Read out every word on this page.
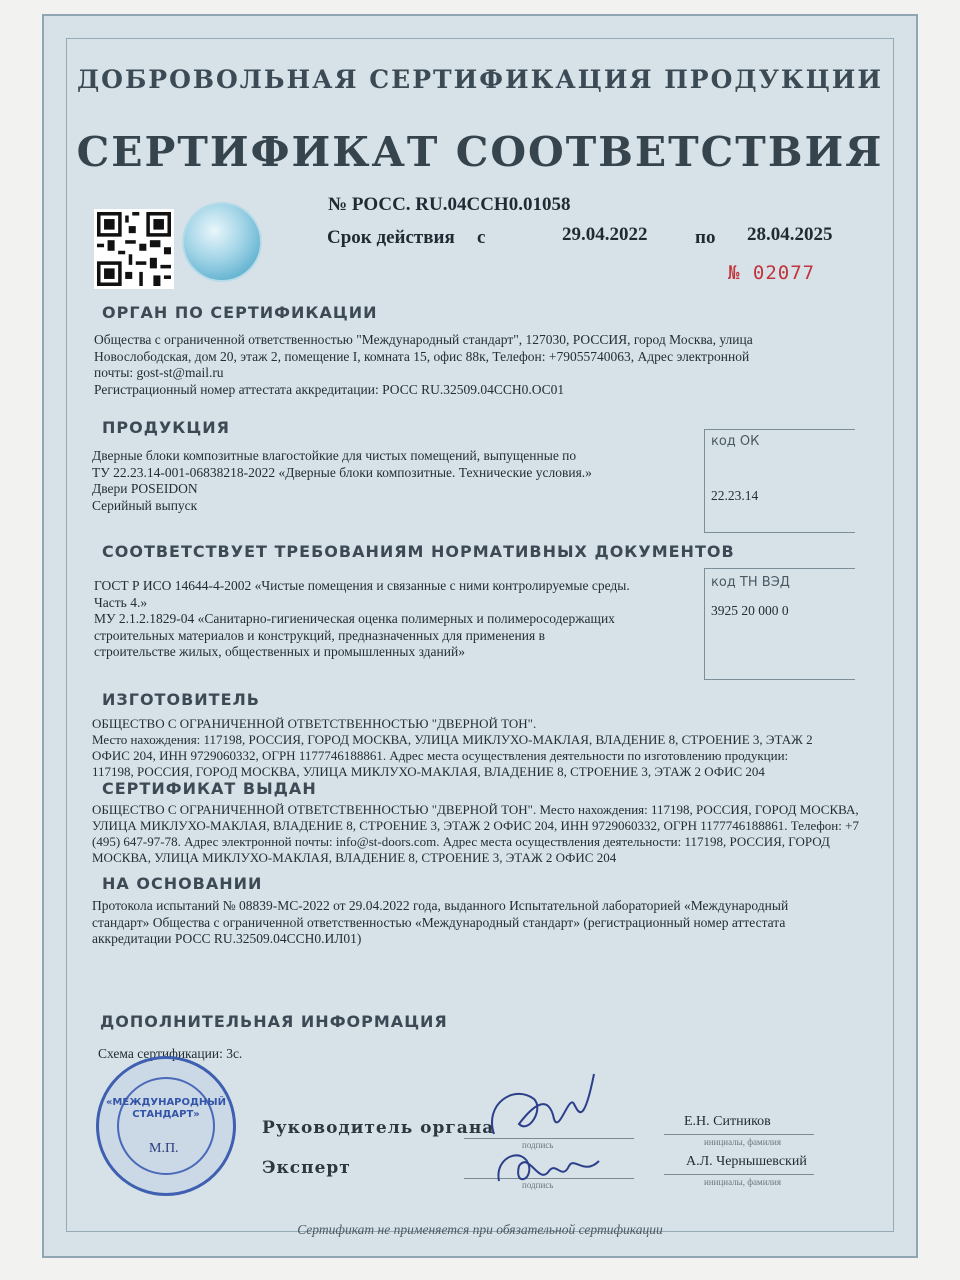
ДОБРОВОЛЬНАЯ СЕРТИФИКАЦИЯ ПРОДУКЦИИ
СЕРТИФИКАТ СООТВЕТСТВИЯ
№ РОСС. RU.04ССН0.01058
Срок действия с	29.04.2022	по 28.04.2025
№ 02077
ОРГАН ПО СЕРТИФИКАЦИИ

Общества с ограниченной ответственностью "Международный стандарт", 127030, РОССИЯ, город Москва, улица

Новослободская, дом 20, этаж 2, помещение I, комната 15, офис 88к, Телефон: +79055740063, Адрес электронной

почты: gost-st@mail.ru

Регистрационный номер аттестата аккредитации: РОСС RU.32509.04ССН0.ОС01

ПРОДУКЦИЯ

Дверные блоки композитные влагостойкие для чистых помещений, выпущенные по

ТУ 22.23.14-001-06838218-2022 «Дверные блоки композитные. Технические условия.»

Двери POSEIDON

Серийный выпуск

код ОК
22.23.14
СООТВЕТСТВУЕТ ТРЕБОВАНИЯМ НОРМАТИВНЫХ ДОКУМЕНТОВ

ГОСТ Р ИСО 14644-4-2002 «Чистые помещения и связанные с ними контролируемые среды.

Часть 4.»

МУ 2.1.2.1829-04 «Санитарно-гигиеническая оценка полимерных и полимеросодержащих

строительных материалов и конструкций, предназначенных для применения в

строительстве жилых, общественных и промышленных зданий»

код ТН ВЭД
3925 20 000 0
ИЗГОТОВИТЕЛЬ

ОБЩЕСТВО С ОГРАНИЧЕННОЙ ОТВЕТСТВЕННОСТЬЮ "ДВЕРНОЙ ТОН".

Место нахождения: 117198, РОССИЯ, ГОРОД МОСКВА, УЛИЦА МИКЛУХО-МАКЛАЯ, ВЛАДЕНИЕ 8, СТРОЕНИЕ 3, ЭТАЖ 2

ОФИС 204, ИНН 9729060332, ОГРН 1177746188861. Адрес места осуществления деятельности по изготовлению продукции:

117198, РОССИЯ, ГОРОД МОСКВА, УЛИЦА МИКЛУХО-МАКЛАЯ, ВЛАДЕНИЕ 8, СТРОЕНИЕ 3, ЭТАЖ 2 ОФИС 204

СЕРТИФИКАТ ВЫДАН

ОБЩЕСТВО С ОГРАНИЧЕННОЙ ОТВЕТСТВЕННОСТЬЮ "ДВЕРНОЙ ТОН". Место нахождения: 117198, РОССИЯ, ГОРОД МОСКВА,

УЛИЦА МИКЛУХО-МАКЛАЯ, ВЛАДЕНИЕ 8, СТРОЕНИЕ 3, ЭТАЖ 2 ОФИС 204, ИНН 9729060332, ОГРН 1177746188861. Телефон: +7

(495) 647-97-78. Адрес электронной почты: info@st-doors.com. Адрес места осуществления деятельности: 117198, РОССИЯ, ГОРОД

МОСКВА, УЛИЦА МИКЛУХО-МАКЛАЯ, ВЛАДЕНИЕ 8, СТРОЕНИЕ 3, ЭТАЖ 2 ОФИС 204

НА ОСНОВАНИИ

Протокола испытаний № 08839-МС-2022 от 29.04.2022 года, выданного Испытательной лабораторией «Международный

стандарт» Общества с ограниченной ответственностью «Международный стандарт» (регистрационный номер аттестата

аккредитации РОСС RU.32509.04ССН0.ИЛ01)

ДОПОЛНИТЕЛЬНАЯ ИНФОРМАЦИЯ
Схема сертификации: 3с.
«МЕЖДУНАРОДНЫЙ
СТАНДАРТ»
М.П.
Руководитель органа
подпись
Е.Н. Ситников
инициалы, фамилия
Эксперт
подпись
А.Л. Чернышевский
инициалы, фамилия
Сертификат не применяется при обязательной сертификации
